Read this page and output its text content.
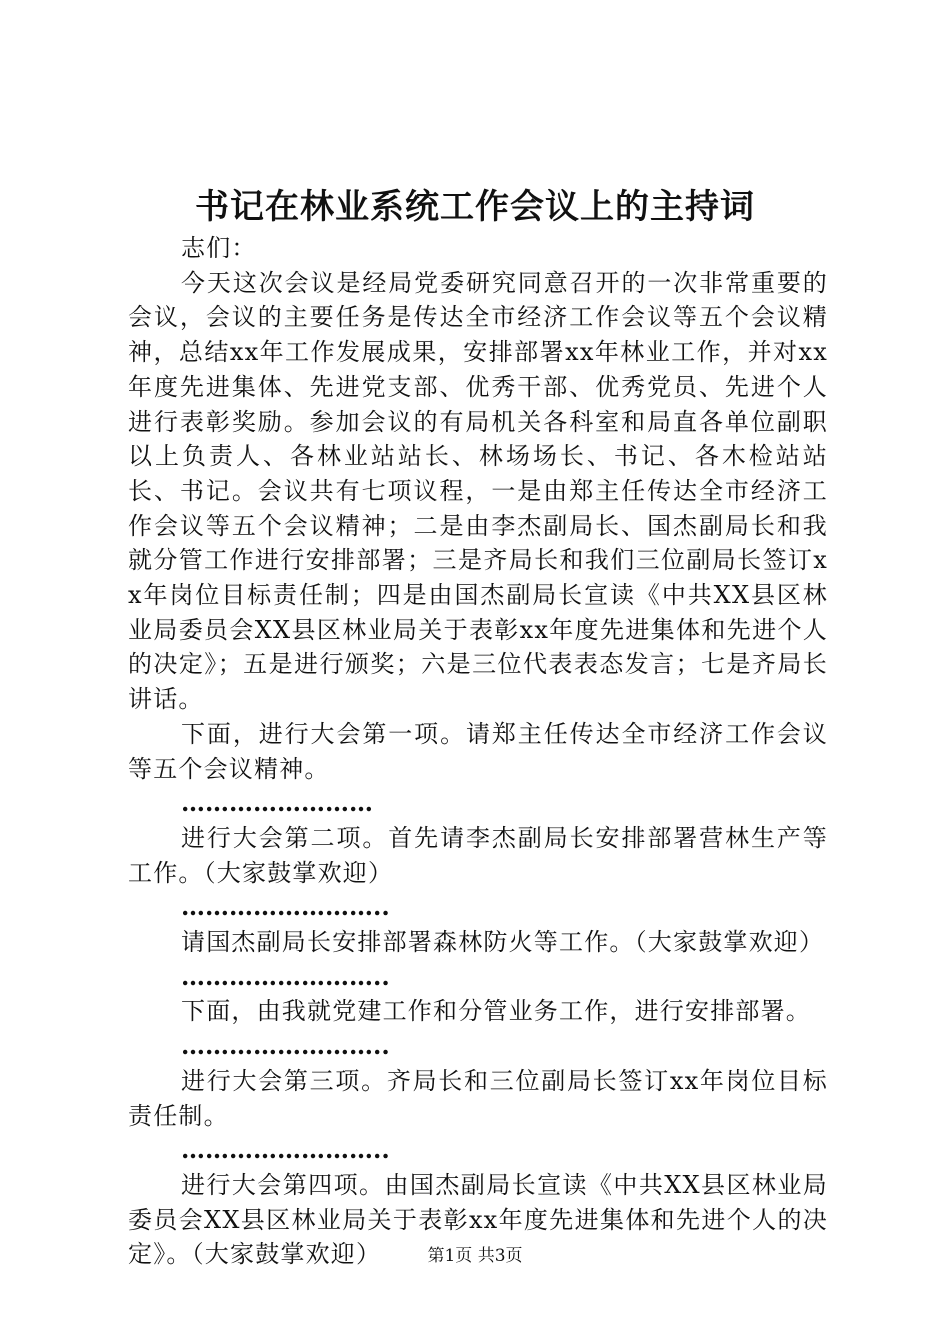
书记在林业系统工作会议上的主持词

志们：

今天这次会议是经局党委研究同意召开的一次非常重要的会议，会议的主要任务是传达全市经济工作会议等五个会议精神，总结xx年工作发展成果，安排部署xx年林业工作，并对xx年度先进集体、先进党支部、优秀干部、优秀党员、先进个人进行表彰奖励。参加会议的有局机关各科室和局直各单位副职以上负责人、各林业站站长、林场场长、书记、各木检站站长、书记。会议共有七项议程，一是由郑主任传达全市经济工作会议等五个会议精神；二是由李杰副局长、国杰副局长和我就分管工作进行安排部署；三是齐局长和我们三位副局长签订xx年岗位目标责任制；四是由国杰副局长宣读《中共XX县区林业局委员会XX县区林业局关于表彰xx年度先进集体和先进个人的决定》；五是进行颁奖；六是三位代表表态发言；七是齐局长讲话。

下面，进行大会第一项。请郑主任传达全市经济工作会议等五个会议精神。

……………………

进行大会第二项。首先请李杰副局长安排部署营林生产等工作。（大家鼓掌欢迎）

……………………..

请国杰副局长安排部署森林防火等工作。（大家鼓掌欢迎）

……………………..

下面，由我就党建工作和分管业务工作，进行安排部署。

……………………..

进行大会第三项。齐局长和三位副局长签订xx年岗位目标责任制。

……………………..

进行大会第四项。由国杰副局长宣读《中共XX县区林业局委员会XX县区林业局关于表彰xx年度先进集体和先进个人的决定》。（大家鼓掌欢迎）	第1页 共3页
